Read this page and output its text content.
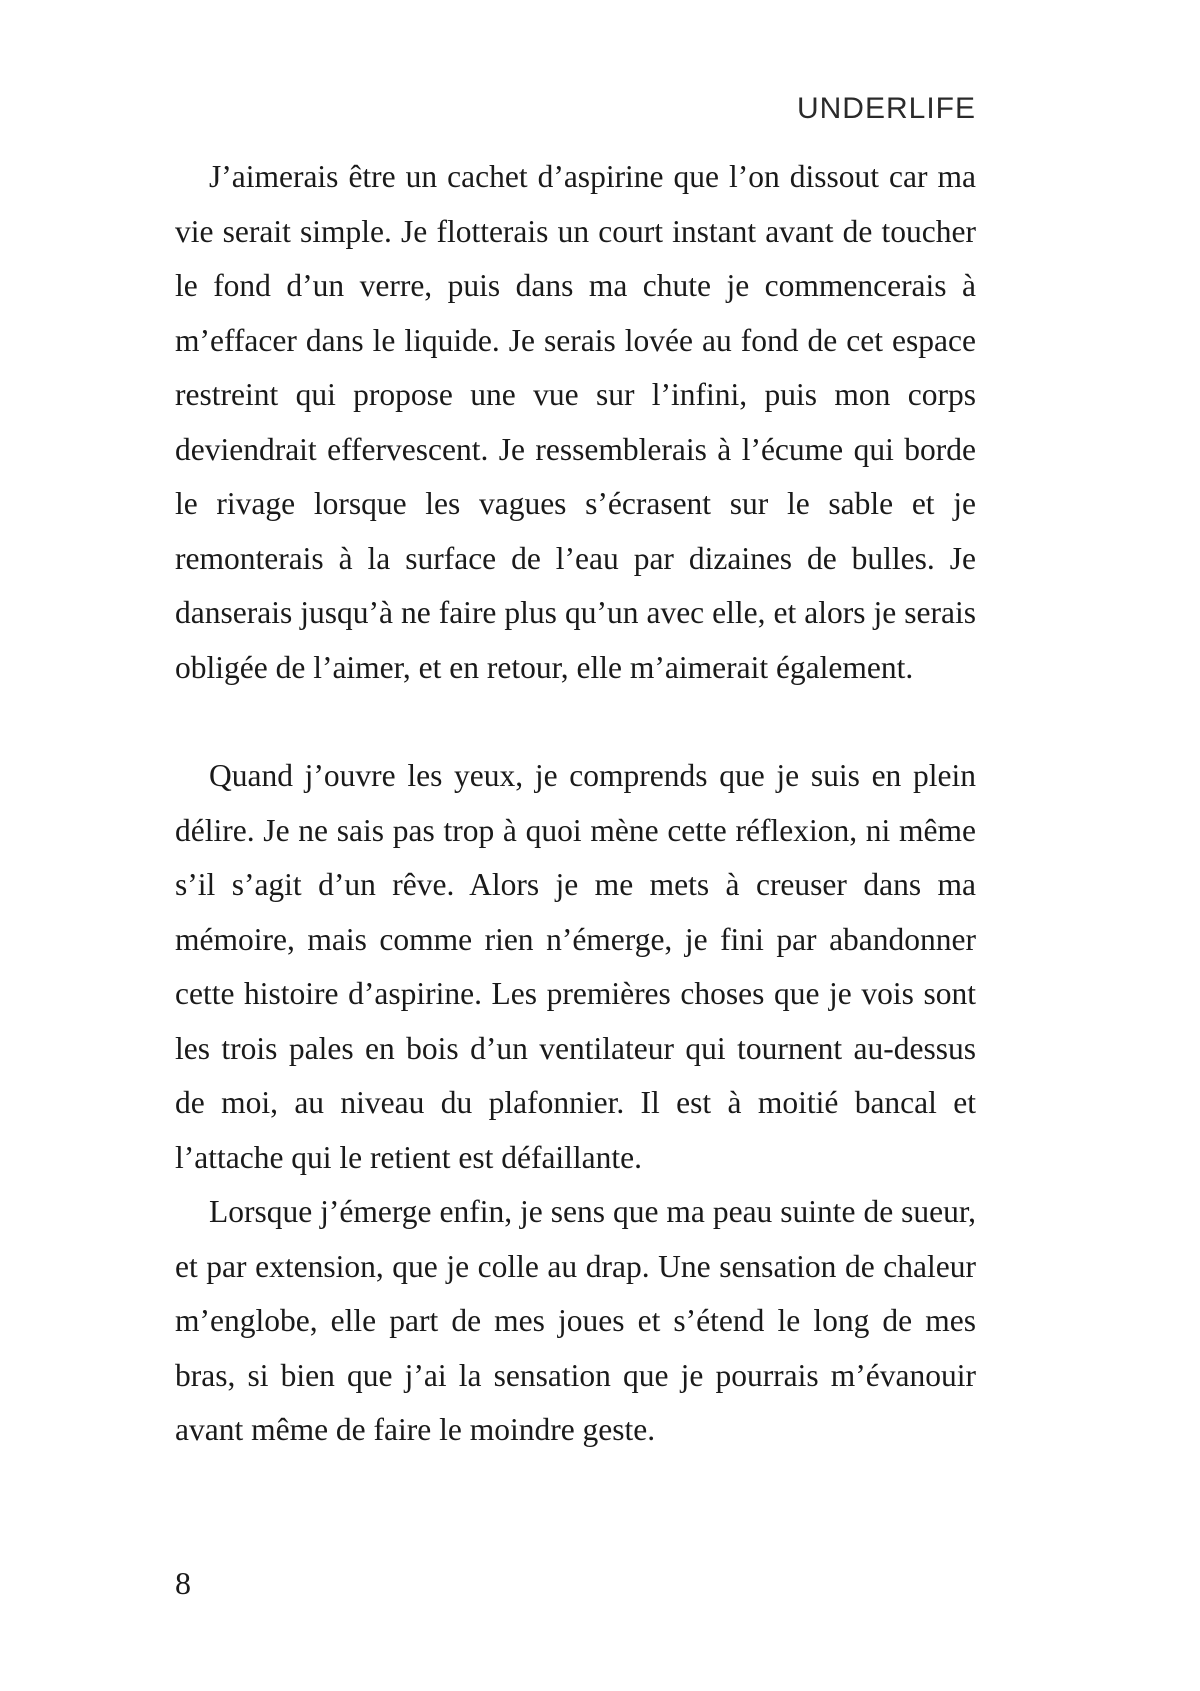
UNDERLIFE

J’aimerais être un cachet d’aspirine que l’on dissout car ma vie serait simple. Je flotterais un court instant avant de toucher le fond d’un verre, puis dans ma chute je commencerais à m’effacer dans le liquide. Je serais lovée au fond de cet espace restreint qui propose une vue sur l’infini, puis mon corps deviendrait effervescent. Je ressemblerais à l’écume qui borde le rivage lorsque les vagues s’écrasent sur le sable et je remonterais à la surface de l’eau par dizaines de bulles. Je danserais jusqu’à ne faire plus qu’un avec elle, et alors je serais obligée de l’aimer, et en retour, elle m’aimerait également.

Quand j’ouvre les yeux, je comprends que je suis en plein délire. Je ne sais pas trop à quoi mène cette réflexion, ni même s’il s’agit d’un rêve. Alors je me mets à creuser dans ma mémoire, mais comme rien n’émerge, je fini par abandonner cette histoire d’aspirine. Les premières choses que je vois sont les trois pales en bois d’un ventilateur qui tournent au-dessus de moi, au niveau du plafonnier. Il est à moitié bancal et l’attache qui le retient est défaillante.

Lorsque j’émerge enfin, je sens que ma peau suinte de sueur, et par extension, que je colle au drap. Une sensation de chaleur m’englobe, elle part de mes joues et s’étend le long de mes bras, si bien que j’ai la sensation que je pourrais m’évanouir avant même de faire le moindre geste.

8
